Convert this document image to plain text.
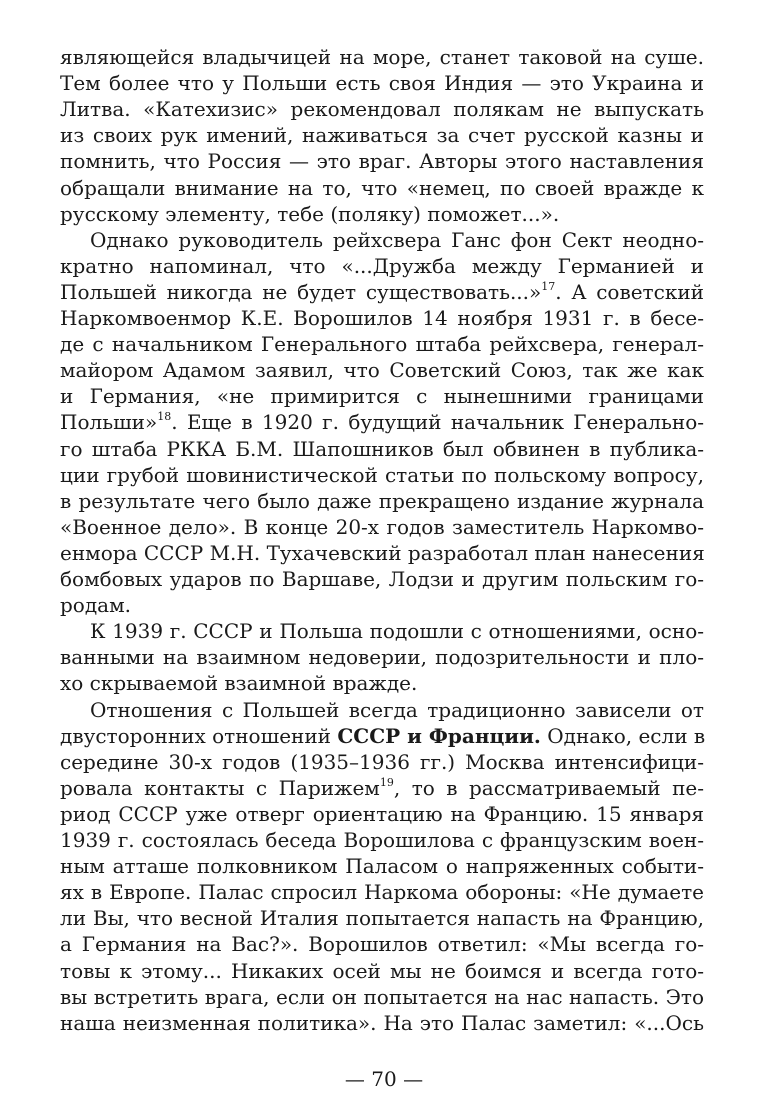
являющейся владычицей на море, станет таковой на суше.
Тем более что у Польши есть своя Индия — это Украина и
Литва. «Катехизис» рекомендовал полякам не выпускать
из своих рук имений, наживаться за счет русской казны и
помнить, что Россия — это враг. Авторы этого наставления
обращали внимание на то, что «немец, по своей вражде к
русскому элементу, тебе (поляку) поможет...».
Однако руководитель рейхсвера Ганс фон Сект неодно-
кратно напоминал, что «...Дружба между Германией и
Польшей никогда не будет существовать...»$^{17}$. А советский
Наркомвоенмор К.Е. Ворошилов 14 ноября 1931 г. в бесе-
де с начальником Генерального штаба рейхсвера, генерал-
майором Адамом заявил, что Советский Союз, так же как
и Германия, «не примирится с нынешними границами
Польши»$^{18}$. Еще в 1920 г. будущий начальник Генерально-
го штаба РККА Б.М. Шапошников был обвинен в публика-
ции грубой шовинистической статьи по польскому вопросу,
в результате чего было даже прекращено издание журнала
«Военное дело». В конце 20-х годов заместитель Наркомво-
енмора СССР М.Н. Тухачевский разработал план нанесения
бомбовых ударов по Варшаве, Лодзи и другим польским го-
родам.
К 1939 г. СССР и Польша подошли с отношениями, осно-
ванными на взаимном недоверии, подозрительности и пло-
хо скрываемой взаимной вражде.
Отношения с Польшей всегда традиционно зависели от
двусторонних отношений СССР и Франции. Однако, если в
середине 30-х годов (1935–1936 гг.) Москва интенсифици-
ровала контакты с Парижем$^{19}$, то в рассматриваемый пе-
риод СССР уже отверг ориентацию на Францию. 15 января
1939 г. состоялась беседа Ворошилова с французским воен-
ным атташе полковником Паласом о напряженных событи-
ях в Европе. Палас спросил Наркома обороны: «Не думаете
ли Вы, что весной Италия попытается напасть на Францию,
а Германия на Вас?». Ворошилов ответил: «Мы всегда го-
товы к этому... Никаких осей мы не боимся и всегда гото-
вы встретить врага, если он попытается на нас напасть. Это
наша неизменная политика». На это Палас заметил: «...Ось
— 70 —
